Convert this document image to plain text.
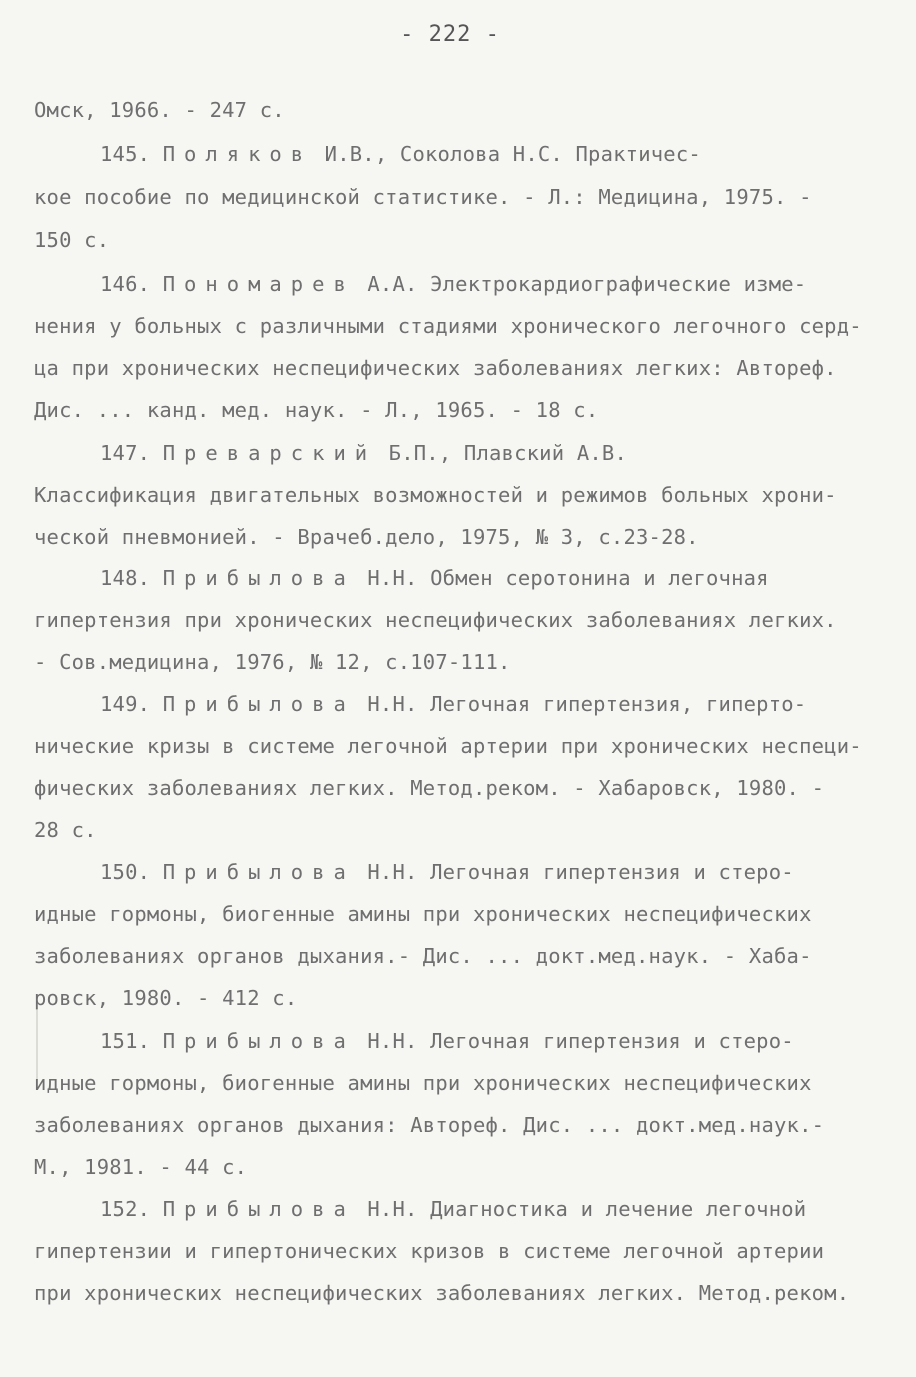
- 222 -
Омск, 1966. - 247 с.
145. Поляков И.В., Соколова Н.С. Практичес-
кое пособие по медицинской статистике. - Л.: Медицина, 1975. -
150 с.
146. Пономарев А.А. Электрокардиографические изме-
нения у больных с различными стадиями хронического легочного серд-
ца при хронических неспецифических заболеваниях легких: Автореф.
Дис. ... канд. мед. наук. - Л., 1965. - 18 с.
147. Преварский Б.П., Плавский А.В.
Классификация двигательных возможностей и режимов больных хрони-
ческой пневмонией. - Врачеб.дело, 1975, № 3, с.23-28.
148. Прибылова Н.Н. Обмен серотонина и легочная
гипертензия при хронических неспецифических заболеваниях легких.
- Сов.медицина, 1976, № 12, с.107-111.
149. Прибылова Н.Н. Легочная гипертензия, гиперто-
нические кризы в системе легочной артерии при хронических неспеци-
фических заболеваниях легких. Метод.реком. - Хабаровск, 1980. -
28 с.
150. Прибылова Н.Н. Легочная гипертензия и стеро-
идные гормоны, биогенные амины при хронических неспецифических
заболеваниях органов дыхания.- Дис. ... докт.мед.наук. - Хаба-
ровск, 1980. - 412 с.
151. Прибылова Н.Н. Легочная гипертензия и стеро-
идные гормоны, биогенные амины при хронических неспецифических
заболеваниях органов дыхания: Автореф. Дис. ... докт.мед.наук.-
М., 1981. - 44 с.
152. Прибылова Н.Н. Диагностика и лечение легочной
гипертензии и гипертонических кризов в системе легочной артерии
при хронических неспецифических заболеваниях легких. Метод.реком.
